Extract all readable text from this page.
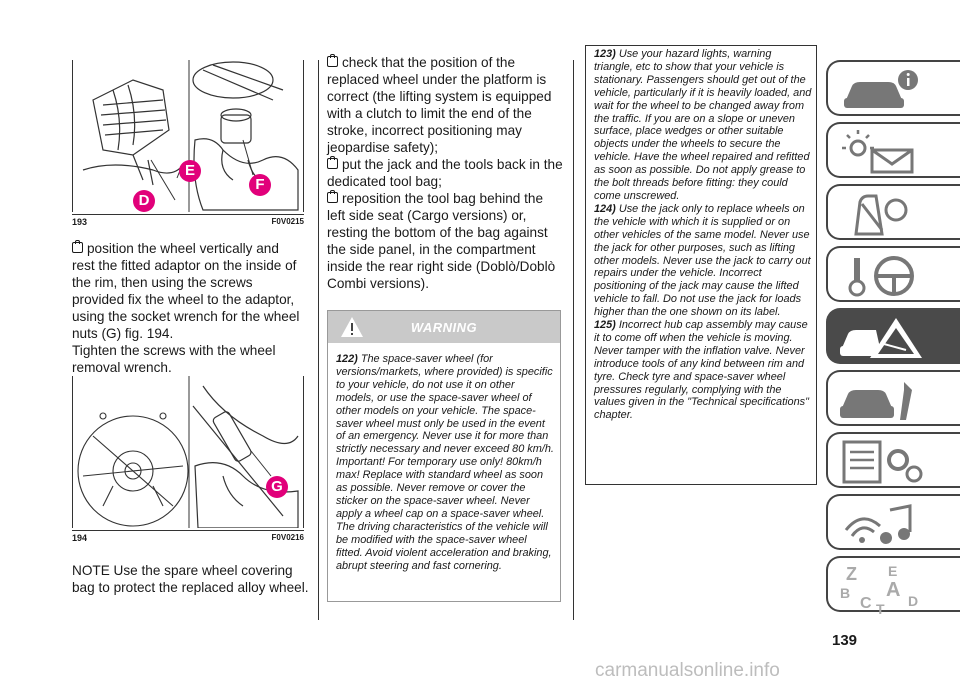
D
E
F
193	F0V0215

position the wheel vertically and rest the fitted adaptor on the inside of the rim, then using the screws provided fix the wheel to the adaptor, using the socket wrench for the wheel nuts (G) fig. 194.

Tighten the screws with the wheel removal wrench.

G
194	F0V0216

NOTE Use the spare wheel covering bag to protect the replaced alloy wheel.

check that the position of the replaced wheel under the platform is correct (the lifting system is equipped with a clutch to limit the end of the stroke, incorrect positioning may jeopardise safety);

put the jack and the tools back in the dedicated tool bag;

reposition the tool bag behind the left side seat (Cargo versions) or, resting the bottom of the bag against the side panel, in the compartment inside the rear right side (Doblò/Doblò Combi versions).

WARNING
122) The space-saver wheel (for versions/markets, where provided) is specific to your vehicle, do not use it on other models, or use the space-saver wheel of other models on your vehicle. The space-saver wheel must only be used in the event of an emergency. Never use it for more than strictly necessary and never exceed 80 km/h. Important! For temporary use only! 80km/h max! Replace with standard wheel as soon as possible. Never remove or cover the sticker on the space-saver wheel. Never apply a wheel cap on a space-saver wheel. The driving characteristics of the vehicle will be modified with the space-saver wheel fitted. Avoid violent acceleration and braking, abrupt steering and fast cornering.

123) Use your hazard lights, warning triangle, etc to show that your vehicle is stationary. Passengers should get out of the vehicle, particularly if it is heavily loaded, and wait for the wheel to be changed away from the traffic. If you are on a slope or uneven surface, place wedges or other suitable objects under the wheels to secure the vehicle. Have the wheel repaired and refitted as soon as possible. Do not apply grease to the bolt threads before fitting: they could come unscrewed.

124) Use the jack only to replace wheels on the vehicle with which it is supplied or on other vehicles of the same model. Never use the jack for other purposes, such as lifting other models. Never use the jack to carry out repairs under the vehicle. Incorrect positioning of the jack may cause the lifted vehicle to fall. Do not use the jack for loads higher than the one shown on its label.

125) Incorrect hub cap assembly may cause it to come off when the vehicle is moving. Never tamper with the inflation valve. Never introduce tools of any kind between rim and tyre. Check tyre and space-saver wheel pressures regularly, complying with the values given in the "Technical specifications" chapter.

Z E
B A
C T D
139
carmanualsonline.info
